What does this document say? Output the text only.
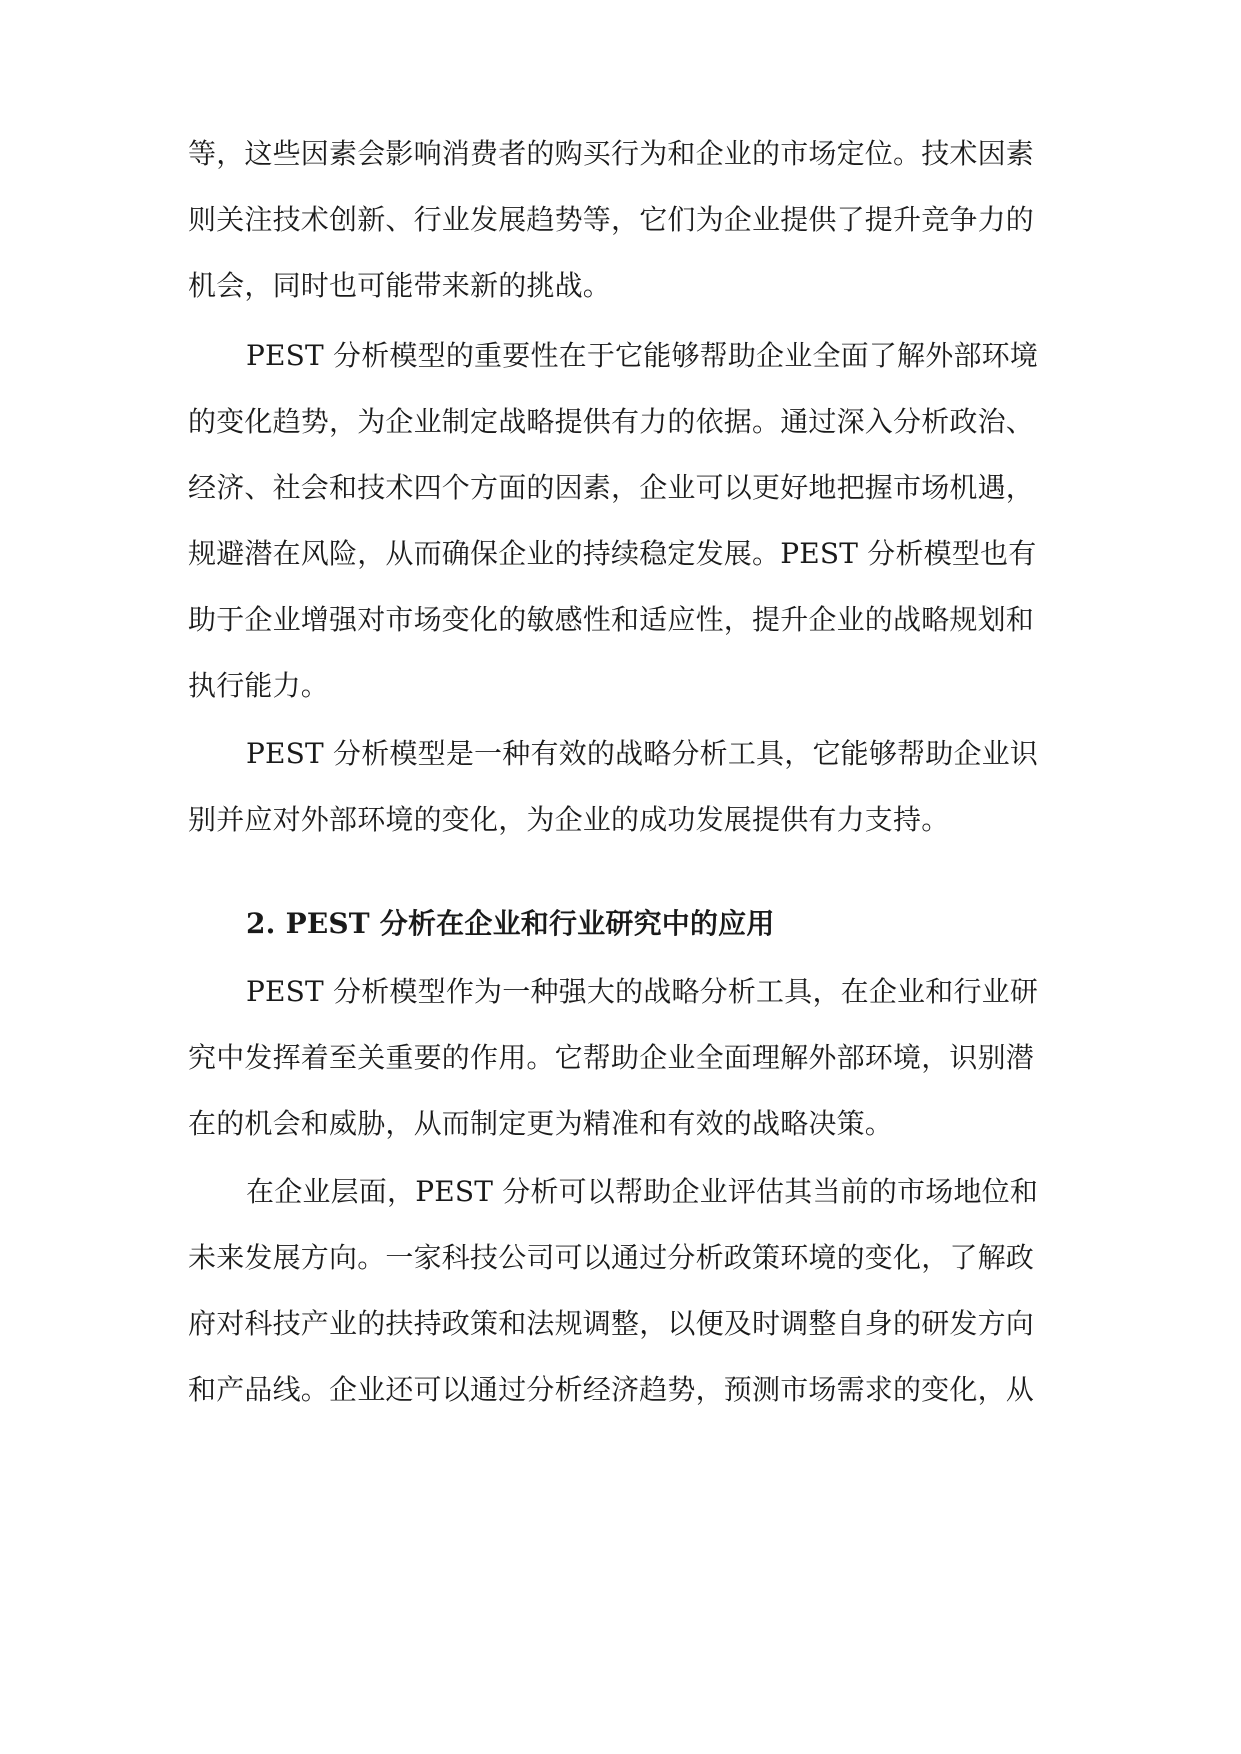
等，这些因素会影响消费者的购买行为和企业的市场定位。技术因素

则关注技术创新、行业发展趋势等，它们为企业提供了提升竞争力的

机会，同时也可能带来新的挑战。

PEST 分析模型的重要性在于它能够帮助企业全面了解外部环境

的变化趋势，为企业制定战略提供有力的依据。通过深入分析政治、

经济、社会和技术四个方面的因素，企业可以更好地把握市场机遇，

规避潜在风险，从而确保企业的持续稳定发展。PEST 分析模型也有

助于企业增强对市场变化的敏感性和适应性，提升企业的战略规划和

执行能力。

PEST 分析模型是一种有效的战略分析工具，它能够帮助企业识

别并应对外部环境的变化，为企业的成功发展提供有力支持。

2. PEST 分析在企业和行业研究中的应用

PEST 分析模型作为一种强大的战略分析工具，在企业和行业研

究中发挥着至关重要的作用。它帮助企业全面理解外部环境，识别潜

在的机会和威胁，从而制定更为精准和有效的战略决策。

在企业层面，PEST 分析可以帮助企业评估其当前的市场地位和

未来发展方向。一家科技公司可以通过分析政策环境的变化，了解政

府对科技产业的扶持政策和法规调整，以便及时调整自身的研发方向

和产品线。企业还可以通过分析经济趋势，预测市场需求的变化，从
